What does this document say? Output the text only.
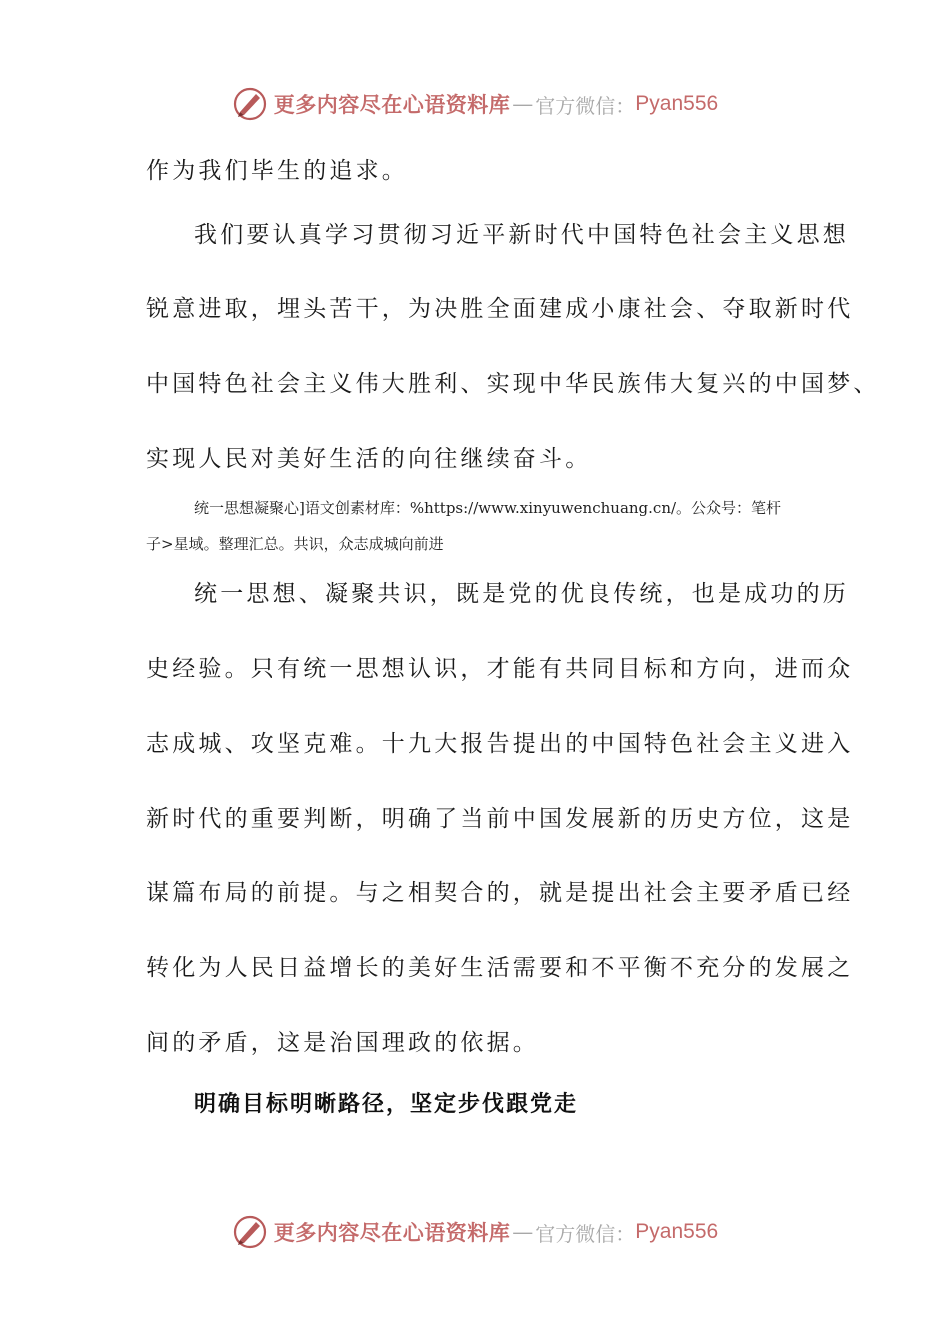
更多内容尽在心语资料库 — 官方微信： Pyan556
作为我们毕生的追求。
我们要认真学习贯彻习近平新时代中国特色社会主义思想
锐意进取，埋头苦干，为决胜全面建成小康社会、夺取新时代
中国特色社会主义伟大胜利、实现中华民族伟大复兴的中国梦、
实现人民对美好生活的向往继续奋斗。
统一思想凝聚心]语文创素材库：%https://www.xinyuwenchuang.cn/。公众号：笔杆
子>星域。整理汇总。共识，众志成城向前进
统一思想、凝聚共识，既是党的优良传统，也是成功的历
史经验。只有统一思想认识，才能有共同目标和方向，进而众
志成城、攻坚克难。十九大报告提出的中国特色社会主义进入
新时代的重要判断，明确了当前中国发展新的历史方位，这是
谋篇布局的前提。与之相契合的，就是提出社会主要矛盾已经
转化为人民日益增长的美好生活需要和不平衡不充分的发展之
间的矛盾，这是治国理政的依据。
明确目标明晰路径，坚定步伐跟党走
更多内容尽在心语资料库 — 官方微信： Pyan556
